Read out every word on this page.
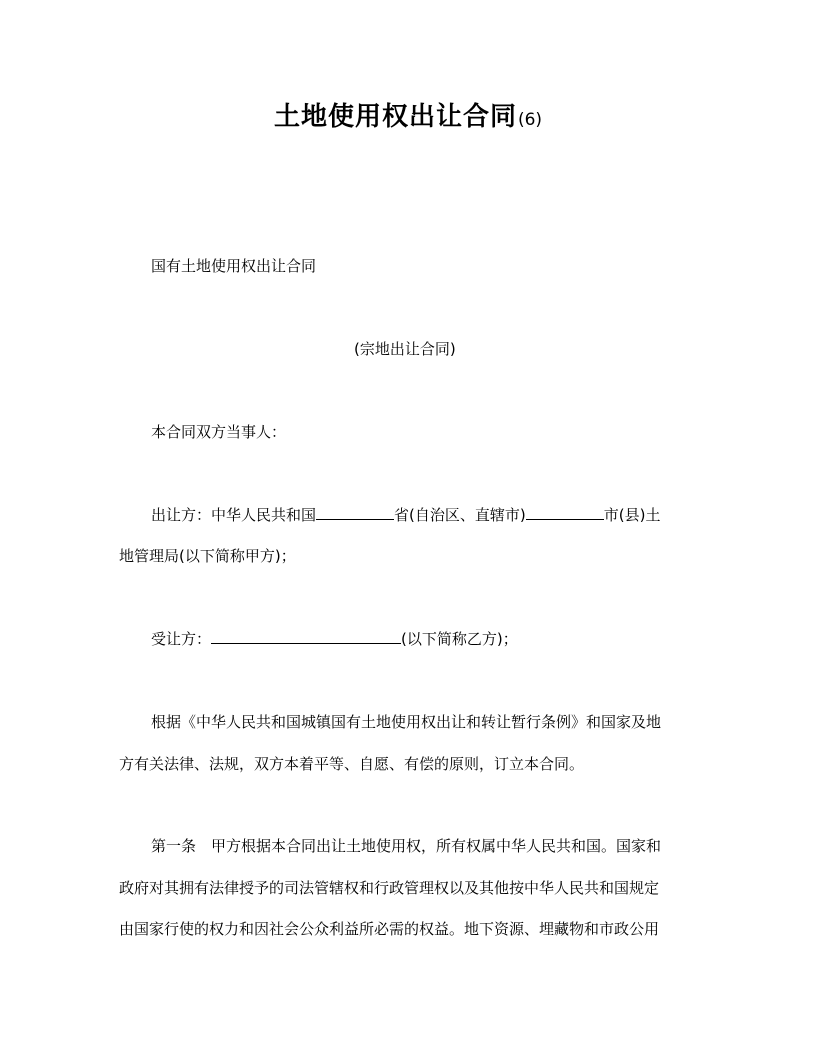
土地使用权出让合同(6)
国有土地使用权出让合同
(宗地出让合同)
本合同双方当事人：
出让方：中华人民共和国	省(自治区、直辖市)	市(县)土
地管理局(以下简称甲方)；
受让方：	(以下简称乙方)；
根据《中华人民共和国城镇国有土地使用权出让和转让暂行条例》和国家及地
方有关法律、法规，双方本着平等、自愿、有偿的原则，订立本合同。
第一条　甲方根据本合同出让土地使用权，所有权属中华人民共和国。国家和
政府对其拥有法律授予的司法管辖权和行政管理权以及其他按中华人民共和国规定
由国家行使的权力和因社会公众利益所必需的权益。地下资源、埋藏物和市政公用
